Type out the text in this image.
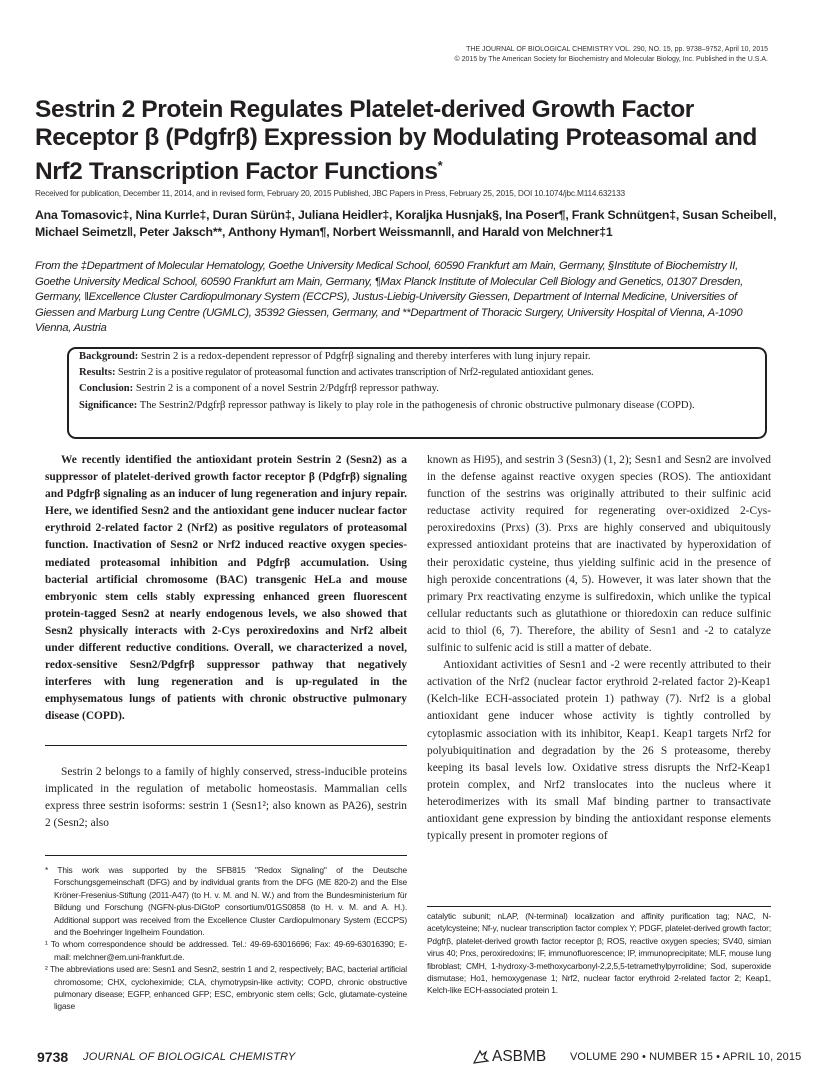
THE JOURNAL OF BIOLOGICAL CHEMISTRY VOL. 290, NO. 15, pp. 9738–9752, April 10, 2015
© 2015 by The American Society for Biochemistry and Molecular Biology, Inc. Published in the U.S.A.
Sestrin 2 Protein Regulates Platelet-derived Growth Factor Receptor β (Pdgfrβ) Expression by Modulating Proteasomal and Nrf2 Transcription Factor Functions*
Received for publication, December 11, 2014, and in revised form, February 20, 2015 Published, JBC Papers in Press, February 25, 2015, DOI 10.1074/jbc.M114.632133
Ana Tomasovic‡, Nina Kurrle‡, Duran Sürün‡, Juliana Heidler‡, Koraljka Husnjak§, Ina Poser¶, Frank Schnütgen‡, Susan Scheibe‖, Michael Seimetz‖, Peter Jaksch**, Anthony Hyman¶, Norbert Weissmann‖, and Harald von Melchner‡1
From the ‡Department of Molecular Hematology, Goethe University Medical School, 60590 Frankfurt am Main, Germany, §Institute of Biochemistry II, Goethe University Medical School, 60590 Frankfurt am Main, Germany, ¶Max Planck Institute of Molecular Cell Biology and Genetics, 01307 Dresden, Germany, ‖Excellence Cluster Cardiopulmonary System (ECCPS), Justus-Liebig-University Giessen, Department of Internal Medicine, Universities of Giessen and Marburg Lung Centre (UGMLC), 35392 Giessen, Germany, and **Department of Thoracic Surgery, University Hospital of Vienna, A-1090 Vienna, Austria
Background: Sestrin 2 is a redox-dependent repressor of Pdgfrβ signaling and thereby interferes with lung injury repair.
Results: Sestrin 2 is a positive regulator of proteasomal function and activates transcription of Nrf2-regulated antioxidant genes.
Conclusion: Sestrin 2 is a component of a novel Sestrin 2/Pdgfrβ repressor pathway.
Significance: The Sestrin2/Pdgfrβ repressor pathway is likely to play role in the pathogenesis of chronic obstructive pulmonary disease (COPD).

We recently identified the antioxidant protein Sestrin 2 (Sesn2) as a suppressor of platelet-derived growth factor receptor β (Pdgfrβ) signaling and Pdgfrβ signaling as an inducer of lung regeneration and injury repair. Here, we identified Sesn2 and the antioxidant gene inducer nuclear factor erythroid 2-related factor 2 (Nrf2) as positive regulators of proteasomal function. Inactivation of Sesn2 or Nrf2 induced reactive oxygen species-mediated proteasomal inhibition and Pdgfrβ accumulation. Using bacterial artificial chromosome (BAC) transgenic HeLa and mouse embryonic stem cells stably expressing enhanced green fluorescent protein-tagged Sesn2 at nearly endogenous levels, we also showed that Sesn2 physically interacts with 2-Cys peroxiredoxins and Nrf2 albeit under different reductive conditions. Overall, we characterized a novel, redox-sensitive Sesn2/Pdgfrβ suppressor pathway that negatively interferes with lung regeneration and is up-regulated in the emphysematous lungs of patients with chronic obstructive pulmonary disease (COPD).

Sestrin 2 belongs to a family of highly conserved, stress-inducible proteins implicated in the regulation of metabolic homeostasis. Mammalian cells express three sestrin isoforms: sestrin 1 (Sesn1²; also known as PA26), sestrin 2 (Sesn2; also

* This work was supported by the SFB815 "Redox Signaling" of the Deutsche Forschungsgemeinschaft (DFG) and by individual grants from the DFG (ME 820-2) and the Else Kröner-Fresenius-Stiftung (2011-A47) (to H. v. M. and N. W.) and from the Bundesministerium für Bildung und Forschung (NGFN-plus-DiGtoP consortium/01GS0858 (to H. v. M. and A. H.). Additional support was received from the Excellence Cluster Cardiopulmonary System (ECCPS) and the Boehringer Ingelheim Foundation.

¹ To whom correspondence should be addressed. Tel.: 49-69-63016696; Fax: 49-69-63016390; E-mail: melchner@em.uni-frankfurt.de.

² The abbreviations used are: Sesn1 and Sesn2, sestrin 1 and 2, respectively; BAC, bacterial artificial chromosome; CHX, cycloheximide; CLA, chymotrypsin-like activity; COPD, chronic obstructive pulmonary disease; EGFP, enhanced GFP; ESC, embryonic stem cells; Gclc, glutamate-cysteine ligase

known as Hi95), and sestrin 3 (Sesn3) (1, 2); Sesn1 and Sesn2 are involved in the defense against reactive oxygen species (ROS). The antioxidant function of the sestrins was originally attributed to their sulfinic acid reductase activity required for regenerating over-oxidized 2-Cys-peroxiredoxins (Prxs) (3). Prxs are highly conserved and ubiquitously expressed antioxidant proteins that are inactivated by hyperoxidation of their peroxidatic cysteine, thus yielding sulfinic acid in the presence of high peroxide concentrations (4, 5). However, it was later shown that the primary Prx reactivating enzyme is sulfiredoxin, which unlike the typical cellular reductants such as glutathione or thioredoxin can reduce sulfinic acid to thiol (6, 7). Therefore, the ability of Sesn1 and -2 to catalyze sulfinic to sulfenic acid is still a matter of debate.

Antioxidant activities of Sesn1 and -2 were recently attributed to their activation of the Nrf2 (nuclear factor erythroid 2-related factor 2)-Keap1 (Kelch-like ECH-associated protein 1) pathway (7). Nrf2 is a global antioxidant gene inducer whose activity is tightly controlled by cytoplasmic association with its inhibitor, Keap1. Keap1 targets Nrf2 for polyubiquitination and degradation by the 26 S proteasome, thereby keeping its basal levels low. Oxidative stress disrupts the Nrf2-Keap1 protein complex, and Nrf2 translocates into the nucleus where it heterodimerizes with its small Maf binding partner to transactivate antioxidant gene expression by binding the antioxidant response elements typically present in promoter regions of

catalytic subunit; nLAP, (N-terminal) localization and affinity purification tag; NAC, N-acetylcysteine; Nf-y, nuclear transcription factor complex Y; PDGF, platelet-derived growth factor; Pdgfrβ, platelet-derived growth factor receptor β; ROS, reactive oxygen species; SV40, simian virus 40; Prxs, peroxiredoxins; IF, immunofluorescence; IP, immunoprecipitate; MLF, mouse lung fibroblast; CMH, 1-hydroxy-3-methoxycarbonyl-2,2,5,5-tetramethylpyrrolidine; Sod, superoxide dismutase; Ho1, hemoxygenase 1; Nrf2, nuclear factor erythroid 2-related factor 2; Keap1, Kelch-like ECH-associated protein 1.

9738 JOURNAL OF BIOLOGICAL CHEMISTRY	ASBMB VOLUME 290 • NUMBER 15 • APRIL 10, 2015
